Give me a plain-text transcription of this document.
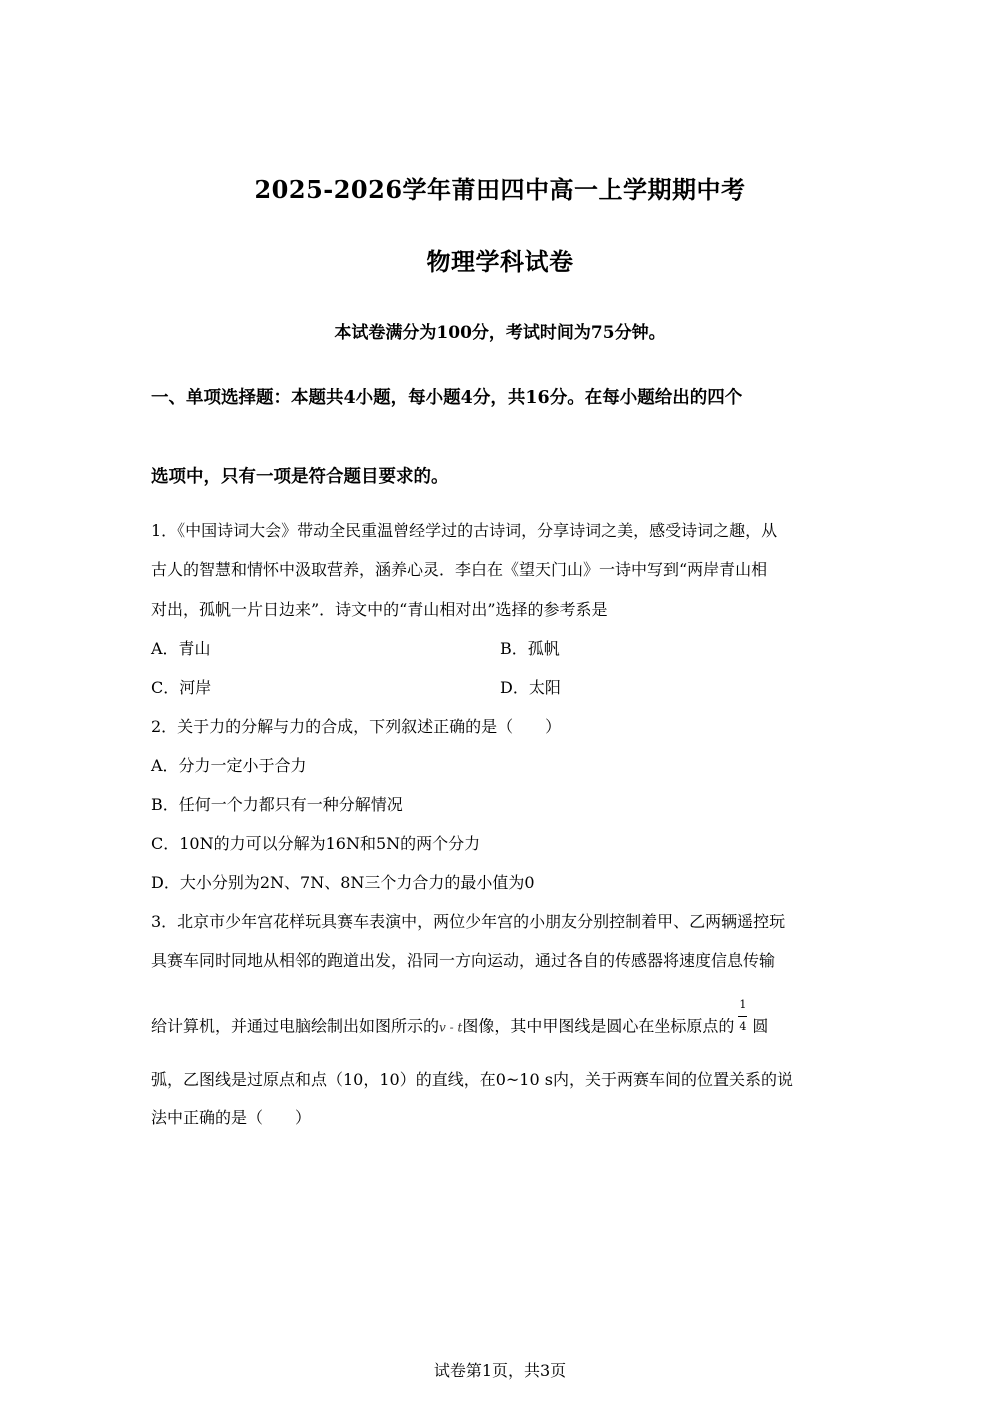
2025-2026学年莆田四中高一上学期期中考
物理学科试卷
本试卷满分为100分，考试时间为75分钟。
一、单项选择题：本题共4小题，每小题4分，共16分。在每小题给出的四个
选项中，只有一项是符合题目要求的。
1．《中国诗词大会》带动全民重温曾经学过的古诗词，分享诗词之美，感受诗词之趣，从
古人的智慧和情怀中汲取营养，涵养心灵．李白在《望天门山》一诗中写到“两岸青山相
对出，孤帆一片日边来”．诗文中的“青山相对出”选择的参考系是
A．青山	B．孤帆
C．河岸	D．太阳
2．关于力的分解与力的合成，下列叙述正确的是（　　）
A．分力一定小于合力
B．任何一个力都只有一种分解情况
C．10N的力可以分解为16N和5N的两个分力
D．大小分别为2N、7N、8N三个力合力的最小值为0
3．北京市少年宫花样玩具赛车表演中，两位少年宫的小朋友分别控制着甲、乙两辆遥控玩
具赛车同时同地从相邻的跑道出发，沿同一方向运动，通过各自的传感器将速度信息传输
给计算机，并通过电脑绘制出如图所示的v - t图像，其中甲图线是圆心在坐标原点的 $\frac{1}{4}$ 圆
弧，乙图线是过原点和点（10，10）的直线，在0~10 s内，关于两赛车间的位置关系的说
法中正确的是（　　）
试卷第1页，共3页
